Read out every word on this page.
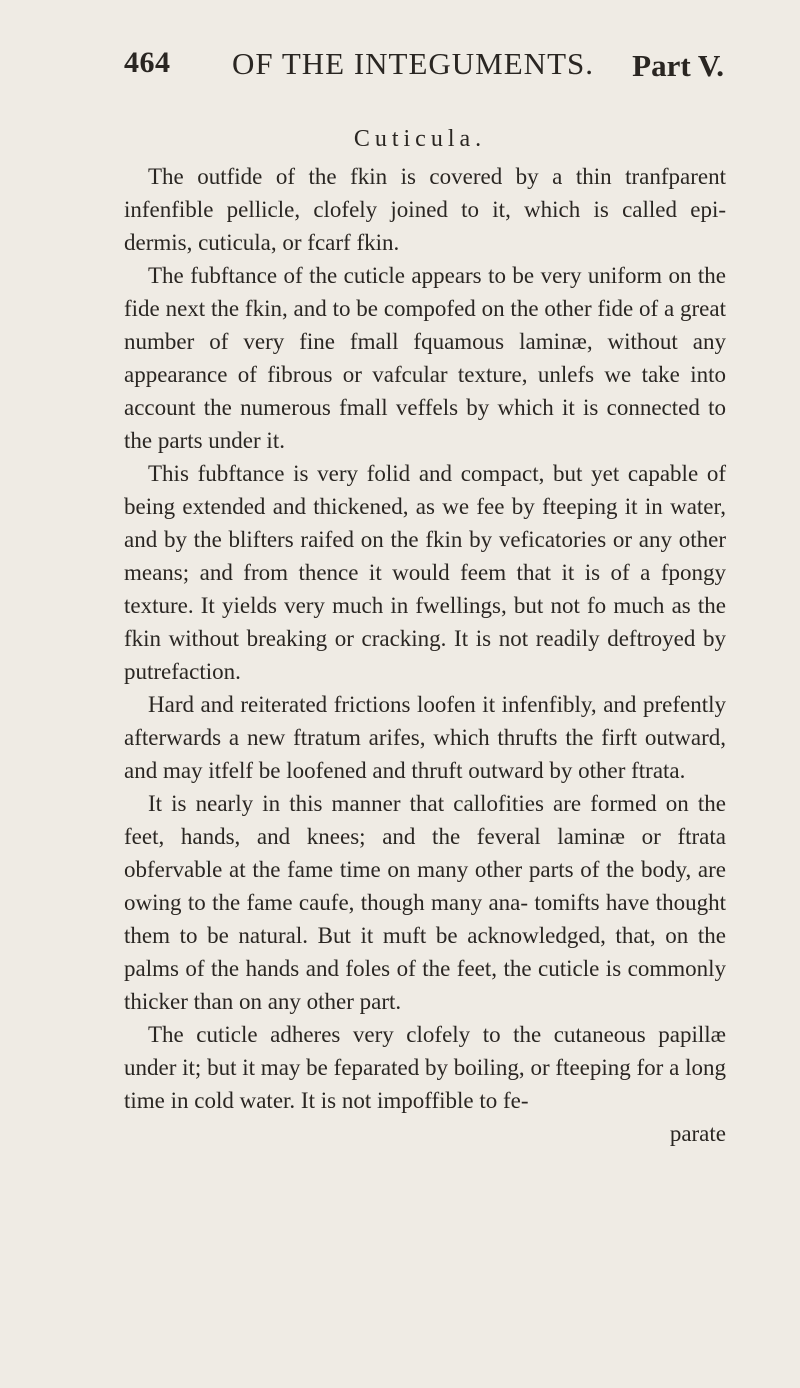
464 OF THE INTEGUMENTS. Part V.
Cuticula.

The outfide of the fkin is covered by a thin tranfparent infenfible pellicle, clofely joined to it, which is called epi- dermis, cuticula, or fcarf fkin.

The fubftance of the cuticle appears to be very uniform on the fide next the fkin, and to be compofed on the other fide of a great number of very fine fmall fquamous laminæ, without any appearance of fibrous or vafcular texture, unlefs we take into account the numerous fmall veffels by which it is connected to the parts under it.

This fubftance is very folid and compact, but yet capable of being extended and thickened, as we fee by fteeping it in water, and by the blifters raifed on the fkin by veficatories or any other means; and from thence it would feem that it is of a fpongy texture. It yields very much in fwellings, but not fo much as the fkin without breaking or cracking. It is not readily deftroyed by putrefaction.

Hard and reiterated frictions loofen it infenfibly, and prefently afterwards a new ftratum arifes, which thrufts the firft outward, and may itfelf be loofened and thruft outward by other ftrata.

It is nearly in this manner that callofities are formed on the feet, hands, and knees; and the feveral laminæ or ftrata obfervable at the fame time on many other parts of the body, are owing to the fame caufe, though many ana- tomifts have thought them to be natural. But it muft be acknowledged, that, on the palms of the hands and foles of the feet, the cuticle is commonly thicker than on any other part.

The cuticle adheres very clofely to the cutaneous papillæ under it; but it may be feparated by boiling, or fteeping for a long time in cold water. It is not impoffible to fe-

parate
